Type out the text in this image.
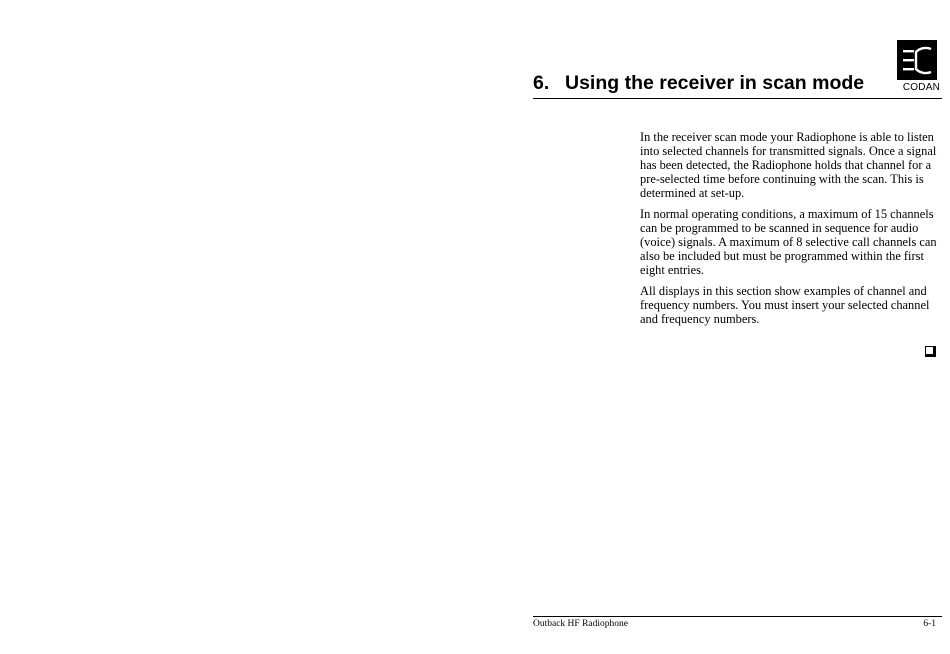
CODAN
6. Using the receiver in scan mode

In the receiver scan mode your Radiophone is able to listen into selected channels for transmitted signals. Once a signal has been detected, the Radiophone holds that channel for a pre-selected time before continuing with the scan. This is determined at set-up.

In normal operating conditions, a maximum of 15 channels can be programmed to be scanned in sequence for audio (voice) signals. A maximum of 8 selective call channels can also be included but must be programmed within the first eight entries.

All displays in this section show examples of channel and frequency numbers. You must insert your selected channel and frequency numbers.

Outback HF Radiophone	6-1
